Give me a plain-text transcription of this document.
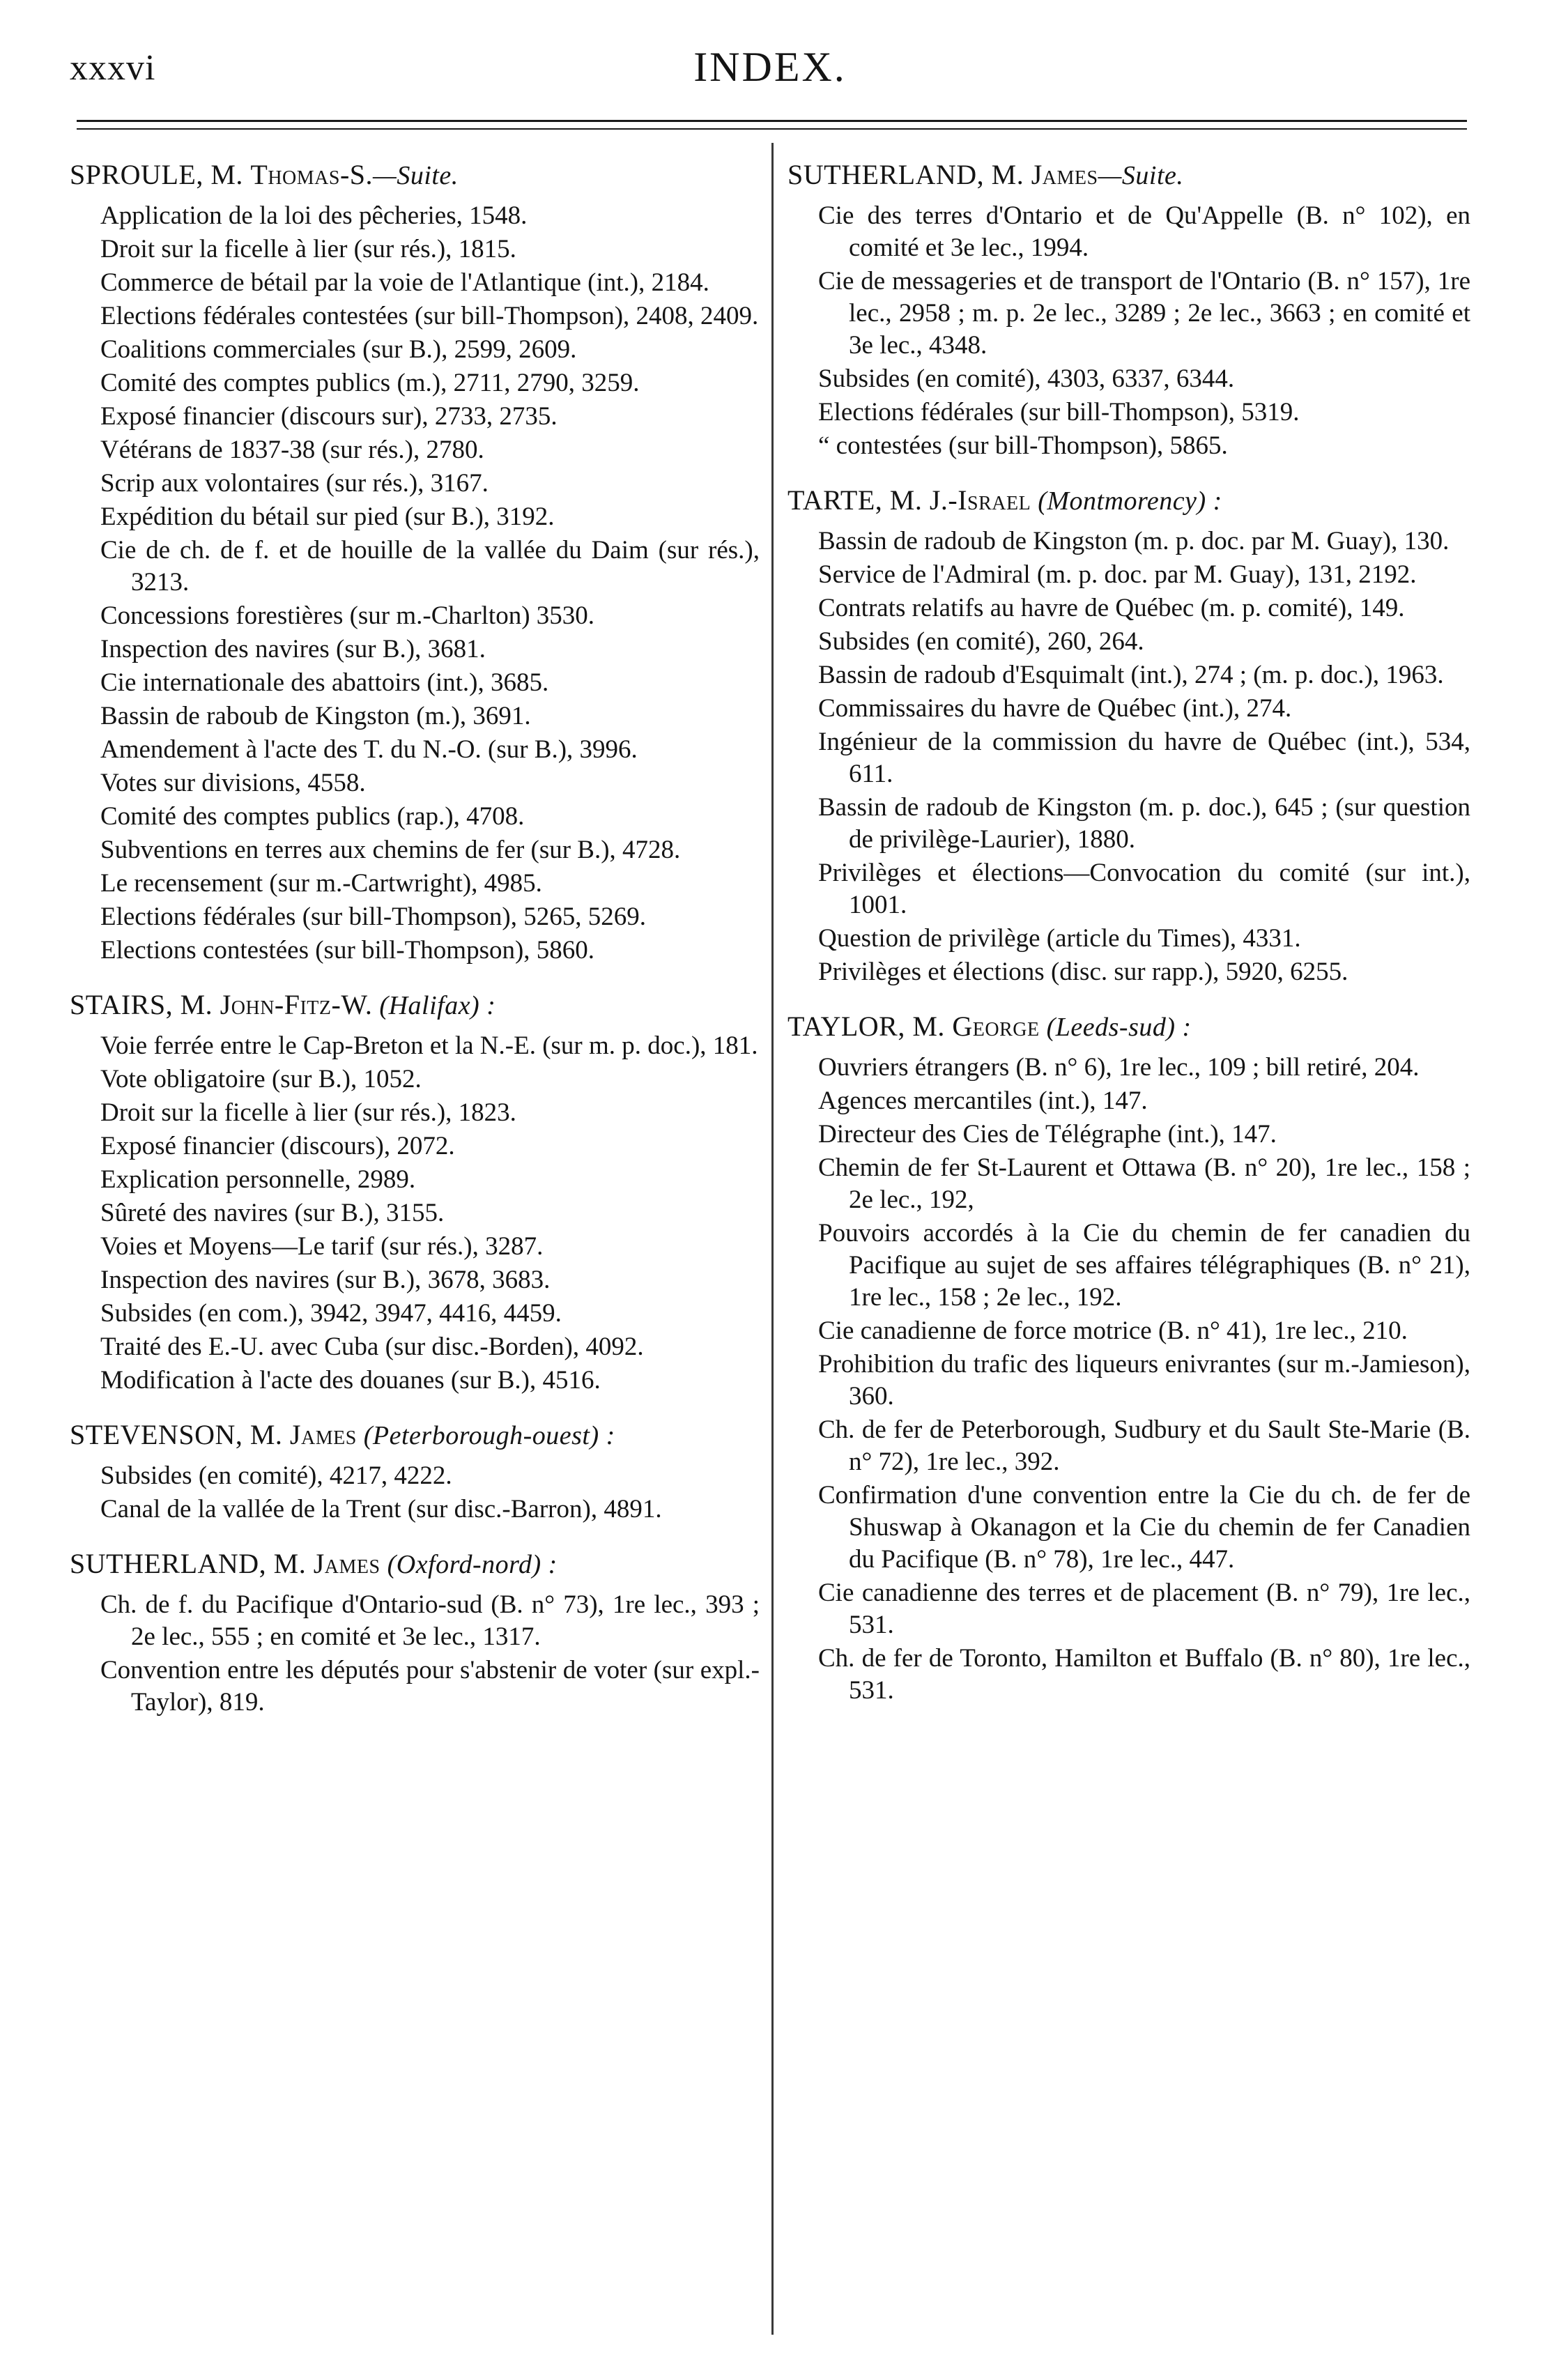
xxxvi	INDEX.
SPROULE, M. Thomas-S.—Suite.
Application de la loi des pêcheries, 1548.
Droit sur la ficelle à lier (sur rés.), 1815.
Commerce de bétail par la voie de l'Atlantique (int.), 2184.
Elections fédérales contestées (sur bill-Thompson), 2408, 2409.
Coalitions commerciales (sur B.), 2599, 2609.
Comité des comptes publics (m.), 2711, 2790, 3259.
Exposé financier (discours sur), 2733, 2735.
Vétérans de 1837-38 (sur rés.), 2780.
Scrip aux volontaires (sur rés.), 3167.
Expédition du bétail sur pied (sur B.), 3192.
Cie de ch. de f. et de houille de la vallée du Daim (sur rés.), 3213.
Concessions forestières (sur m.-Charlton) 3530.
Inspection des navires (sur B.), 3681.
Cie internationale des abattoirs (int.), 3685.
Bassin de raboub de Kingston (m.), 3691.
Amendement à l'acte des T. du N.-O. (sur B.), 3996.
Votes sur divisions, 4558.
Comité des comptes publics (rap.), 4708.
Subventions en terres aux chemins de fer (sur B.), 4728.
Le recensement (sur m.-Cartwright), 4985.
Elections fédérales (sur bill-Thompson), 5265, 5269.
Elections contestées (sur bill-Thompson), 5860.
STAIRS, M. John-Fitz-W. (Halifax) :
Voie ferrée entre le Cap-Breton et la N.-E. (sur m. p. doc.), 181.
Vote obligatoire (sur B.), 1052.
Droit sur la ficelle à lier (sur rés.), 1823.
Exposé financier (discours), 2072.
Explication personnelle, 2989.
Sûreté des navires (sur B.), 3155.
Voies et Moyens—Le tarif (sur rés.), 3287.
Inspection des navires (sur B.), 3678, 3683.
Subsides (en com.), 3942, 3947, 4416, 4459.
Traité des E.-U. avec Cuba (sur disc.-Borden), 4092.
Modification à l'acte des douanes (sur B.), 4516.
STEVENSON, M. James (Peterborough-ouest) :
Subsides (en comité), 4217, 4222.
Canal de la vallée de la Trent (sur disc.-Barron), 4891.
SUTHERLAND, M. James (Oxford-nord) :
Ch. de f. du Pacifique d'Ontario-sud (B. n° 73), 1re lec., 393 ; 2e lec., 555 ; en comité et 3e lec., 1317.
Convention entre les députés pour s'abstenir de voter (sur expl.-Taylor), 819.
SUTHERLAND, M. James—Suite.
Cie des terres d'Ontario et de Qu'Appelle (B. n° 102), en comité et 3e lec., 1994.
Cie de messageries et de transport de l'Ontario (B. n° 157), 1re lec., 2958 ; m. p. 2e lec., 3289 ; 2e lec., 3663 ; en comité et 3e lec., 4348.
Subsides (en comité), 4303, 6337, 6344.
Elections fédérales (sur bill-Thompson), 5319.
“ contestées (sur bill-Thompson), 5865.
TARTE, M. J.-Israel (Montmorency) :
Bassin de radoub de Kingston (m. p. doc. par M. Guay), 130.
Service de l'Admiral (m. p. doc. par M. Guay), 131, 2192.
Contrats relatifs au havre de Québec (m. p. comité), 149.
Subsides (en comité), 260, 264.
Bassin de radoub d'Esquimalt (int.), 274 ; (m. p. doc.), 1963.
Commissaires du havre de Québec (int.), 274.
Ingénieur de la commission du havre de Québec (int.), 534, 611.
Bassin de radoub de Kingston (m. p. doc.), 645 ; (sur question de privilège-Laurier), 1880.
Privilèges et élections—Convocation du comité (sur int.), 1001.
Question de privilège (article du Times), 4331.
Privilèges et élections (disc. sur rapp.), 5920, 6255.
TAYLOR, M. George (Leeds-sud) :
Ouvriers étrangers (B. n° 6), 1re lec., 109 ; bill retiré, 204.
Agences mercantiles (int.), 147.
Directeur des Cies de Télégraphe (int.), 147.
Chemin de fer St-Laurent et Ottawa (B. n° 20), 1re lec., 158 ; 2e lec., 192,
Pouvoirs accordés à la Cie du chemin de fer canadien du Pacifique au sujet de ses affaires télégraphiques (B. n° 21), 1re lec., 158 ; 2e lec., 192.
Cie canadienne de force motrice (B. n° 41), 1re lec., 210.
Prohibition du trafic des liqueurs enivrantes (sur m.-Jamieson), 360.
Ch. de fer de Peterborough, Sudbury et du Sault Ste-Marie (B. n° 72), 1re lec., 392.
Confirmation d'une convention entre la Cie du ch. de fer de Shuswap à Okanagon et la Cie du chemin de fer Canadien du Pacifique (B. n° 78), 1re lec., 447.
Cie canadienne des terres et de placement (B. n° 79), 1re lec., 531.
Ch. de fer de Toronto, Hamilton et Buffalo (B. n° 80), 1re lec., 531.
